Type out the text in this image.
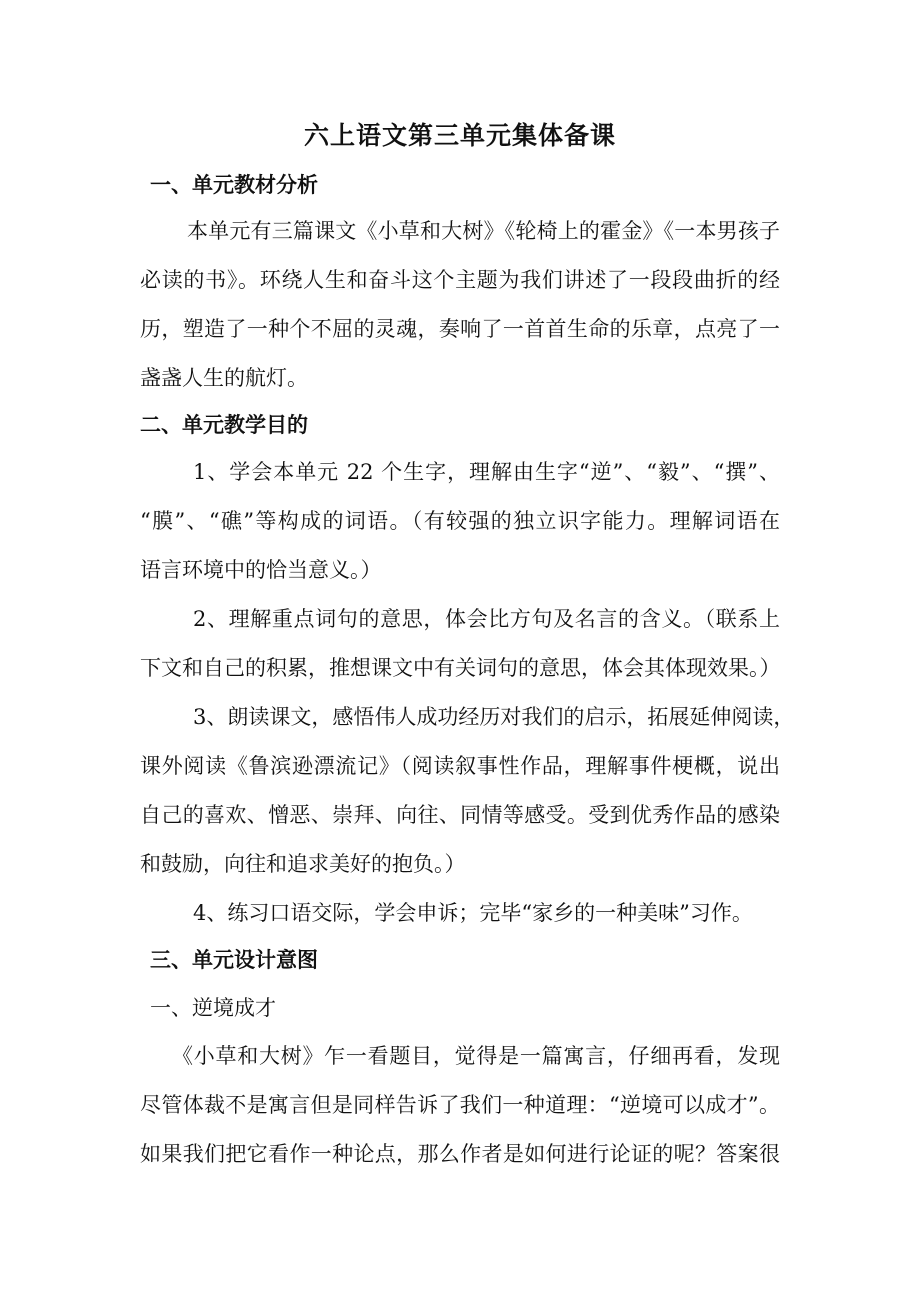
六上语文第三单元集体备课
一、单元教材分析
本单元有三篇课文《小草和大树》《轮椅上的霍金》《一本男孩子
必读的书》。环绕人生和奋斗这个主题为我们讲述了一段段曲折的经
历，塑造了一种个不屈的灵魂，奏响了一首首生命的乐章，点亮了一
盏盏人生的航灯。
二、单元教学目的
1、学会本单元 22 个生字，理解由生字“逆”、“毅”、“撰”、
“膜”、“礁”等构成的词语。（有较强的独立识字能力。理解词语在
语言环境中的恰当意义。）
2、理解重点词句的意思，体会比方句及名言的含义。（联系上
下文和自己的积累，推想课文中有关词句的意思，体会其体现效果。）
3、朗读课文，感悟伟人成功经历对我们的启示，拓展延伸阅读，
课外阅读《鲁滨逊漂流记》（阅读叙事性作品，理解事件梗概，说出
自己的喜欢、憎恶、崇拜、向往、同情等感受。受到优秀作品的感染
和鼓励，向往和追求美好的抱负。）
4、练习口语交际，学会申诉；完毕“家乡的一种美味”习作。
三、单元设计意图
一、逆境成才
《小草和大树》乍一看题目，觉得是一篇寓言，仔细再看，发现
尽管体裁不是寓言但是同样告诉了我们一种道理：“逆境可以成才”。
如果我们把它看作一种论点，那么作者是如何进行论证的呢？答案很
